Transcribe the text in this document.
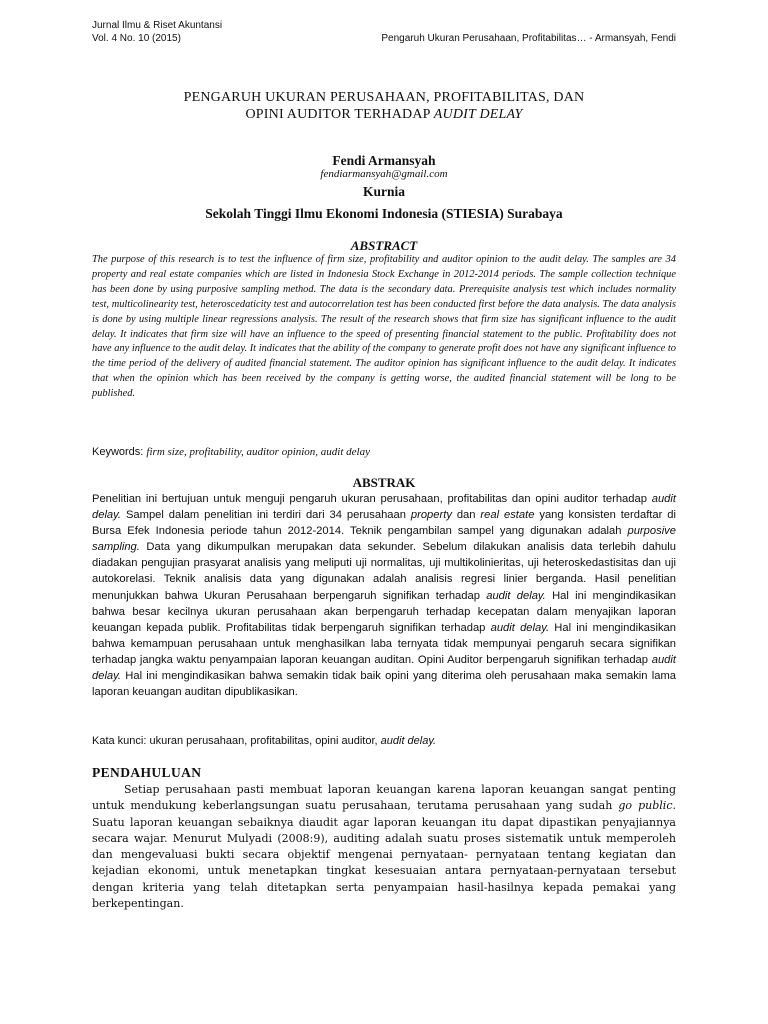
Jurnal Ilmu & Riset Akuntansi
Vol. 4 No. 10 (2015)	Pengaruh Ukuran Perusahaan, Profitabilitas… - Armansyah, Fendi
PENGARUH UKURAN PERUSAHAAN, PROFITABILITAS, DAN
OPINI AUDITOR TERHADAP AUDIT DELAY
Fendi Armansyah
fendiarmansyah@gmail.com
Kurnia
Sekolah Tinggi Ilmu Ekonomi Indonesia (STIESIA) Surabaya
ABSTRACT
The purpose of this research is to test the influence of firm size, profitability and auditor opinion to the audit delay. The samples are 34 property and real estate companies which are listed in Indonesia Stock Exchange in 2012-2014 periods. The sample collection technique has been done by using purposive sampling method. The data is the secondary data. Prerequisite analysis test which includes normality test, multicolinearity test, heteroscedaticity test and autocorrelation test has been conducted first before the data analysis. The data analysis is done by using multiple linear regressions analysis. The result of the research shows that firm size has significant influence to the audit delay. It indicates that firm size will have an influence to the speed of presenting financial statement to the public. Profitability does not have any influence to the audit delay. It indicates that the ability of the company to generate profit does not have any significant influence to the time period of the delivery of audited financial statement. The auditor opinion has significant influence to the audit delay. It indicates that when the opinion which has been received by the company is getting worse, the audited financial statement will be long to be published.
Keywords: firm size, profitability, auditor opinion, audit delay
ABSTRAK
Penelitian ini bertujuan untuk menguji pengaruh ukuran perusahaan, profitabilitas dan opini auditor terhadap audit delay. Sampel dalam penelitian ini terdiri dari 34 perusahaan property dan real estate yang konsisten terdaftar di Bursa Efek Indonesia periode tahun 2012-2014. Teknik pengambilan sampel yang digunakan adalah purposive sampling. Data yang dikumpulkan merupakan data sekunder. Sebelum dilakukan analisis data terlebih dahulu diadakan pengujian prasyarat analisis yang meliputi uji normalitas, uji multikolinieritas, uji heteroskedastisitas dan uji autokorelasi. Teknik analisis data yang digunakan adalah analisis regresi linier berganda. Hasil penelitian menunjukkan bahwa Ukuran Perusahaan berpengaruh signifikan terhadap audit delay. Hal ini mengindikasikan bahwa besar kecilnya ukuran perusahaan akan berpengaruh terhadap kecepatan dalam menyajikan laporan keuangan kepada publik. Profitabilitas tidak berpengaruh signifikan terhadap audit delay. Hal ini mengindikasikan bahwa kemampuan perusahaan untuk menghasilkan laba ternyata tidak mempunyai pengaruh secara signifikan terhadap jangka waktu penyampaian laporan keuangan auditan. Opini Auditor berpengaruh signifikan terhadap audit delay. Hal ini mengindikasikan bahwa semakin tidak baik opini yang diterima oleh perusahaan maka semakin lama laporan keuangan auditan dipublikasikan.
Kata kunci: ukuran perusahaan, profitabilitas, opini auditor, audit delay.
PENDAHULUAN
Setiap perusahaan pasti membuat laporan keuangan karena laporan keuangan sangat penting untuk mendukung keberlangsungan suatu perusahaan, terutama perusahaan yang sudah go public. Suatu laporan keuangan sebaiknya diaudit agar laporan keuangan itu dapat dipastikan penyajiannya secara wajar. Menurut Mulyadi (2008:9), auditing adalah suatu proses sistematik untuk memperoleh dan mengevaluasi bukti secara objektif mengenai pernyataan- pernyataan tentang kegiatan dan kejadian ekonomi, untuk menetapkan tingkat kesesuaian antara pernyataan-pernyataan tersebut dengan kriteria yang telah ditetapkan serta penyampaian hasil-hasilnya kepada pemakai yang berkepentingan.
